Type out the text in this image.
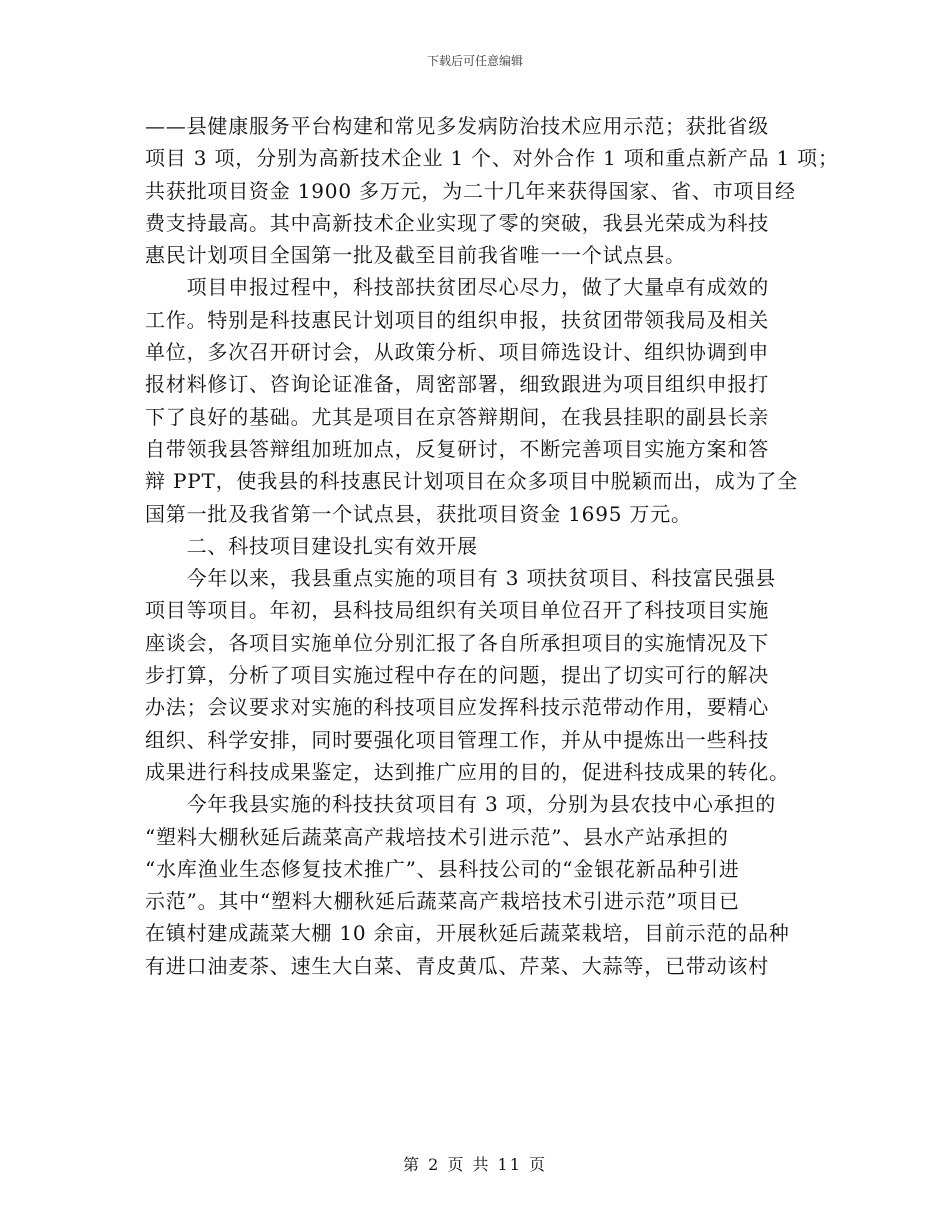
下载后可任意编辑
——县健康服务平台构建和常见多发病防治技术应用示范；获批省级
项目 3 项，分别为高新技术企业 1 个、对外合作 1 项和重点新产品 1 项；
共获批项目资金 1900 多万元，为二十几年来获得国家、省、市项目经
费支持最高。其中高新技术企业实现了零的突破，我县光荣成为科技
惠民计划项目全国第一批及截至目前我省唯一一个试点县。
　　项目申报过程中，科技部扶贫团尽心尽力，做了大量卓有成效的
工作。特别是科技惠民计划项目的组织申报，扶贫团带领我局及相关
单位，多次召开研讨会，从政策分析、项目筛选设计、组织协调到申
报材料修订、咨询论证准备，周密部署，细致跟进为项目组织申报打
下了良好的基础。尤其是项目在京答辩期间，在我县挂职的副县长亲
自带领我县答辩组加班加点，反复研讨，不断完善项目实施方案和答
辩 PPT，使我县的科技惠民计划项目在众多项目中脱颖而出，成为了全
国第一批及我省第一个试点县，获批项目资金 1695 万元。
　　二、科技项目建设扎实有效开展
　　今年以来，我县重点实施的项目有 3 项扶贫项目、科技富民强县
项目等项目。年初，县科技局组织有关项目单位召开了科技项目实施
座谈会，各项目实施单位分别汇报了各自所承担项目的实施情况及下
步打算，分析了项目实施过程中存在的问题，提出了切实可行的解决
办法；会议要求对实施的科技项目应发挥科技示范带动作用，要精心
组织、科学安排，同时要强化项目管理工作，并从中提炼出一些科技
成果进行科技成果鉴定，达到推广应用的目的，促进科技成果的转化。
　　今年我县实施的科技扶贫项目有 3 项，分别为县农技中心承担的
“塑料大棚秋延后蔬菜高产栽培技术引进示范”、县水产站承担的
“水库渔业生态修复技术推广”、县科技公司的“金银花新品种引进
示范”。其中“塑料大棚秋延后蔬菜高产栽培技术引进示范”项目已
在镇村建成蔬菜大棚 10 余亩，开展秋延后蔬菜栽培，目前示范的品种
有进口油麦茶、速生大白菜、青皮黄瓜、芹菜、大蒜等，已带动该村
第 2 页 共 11 页
